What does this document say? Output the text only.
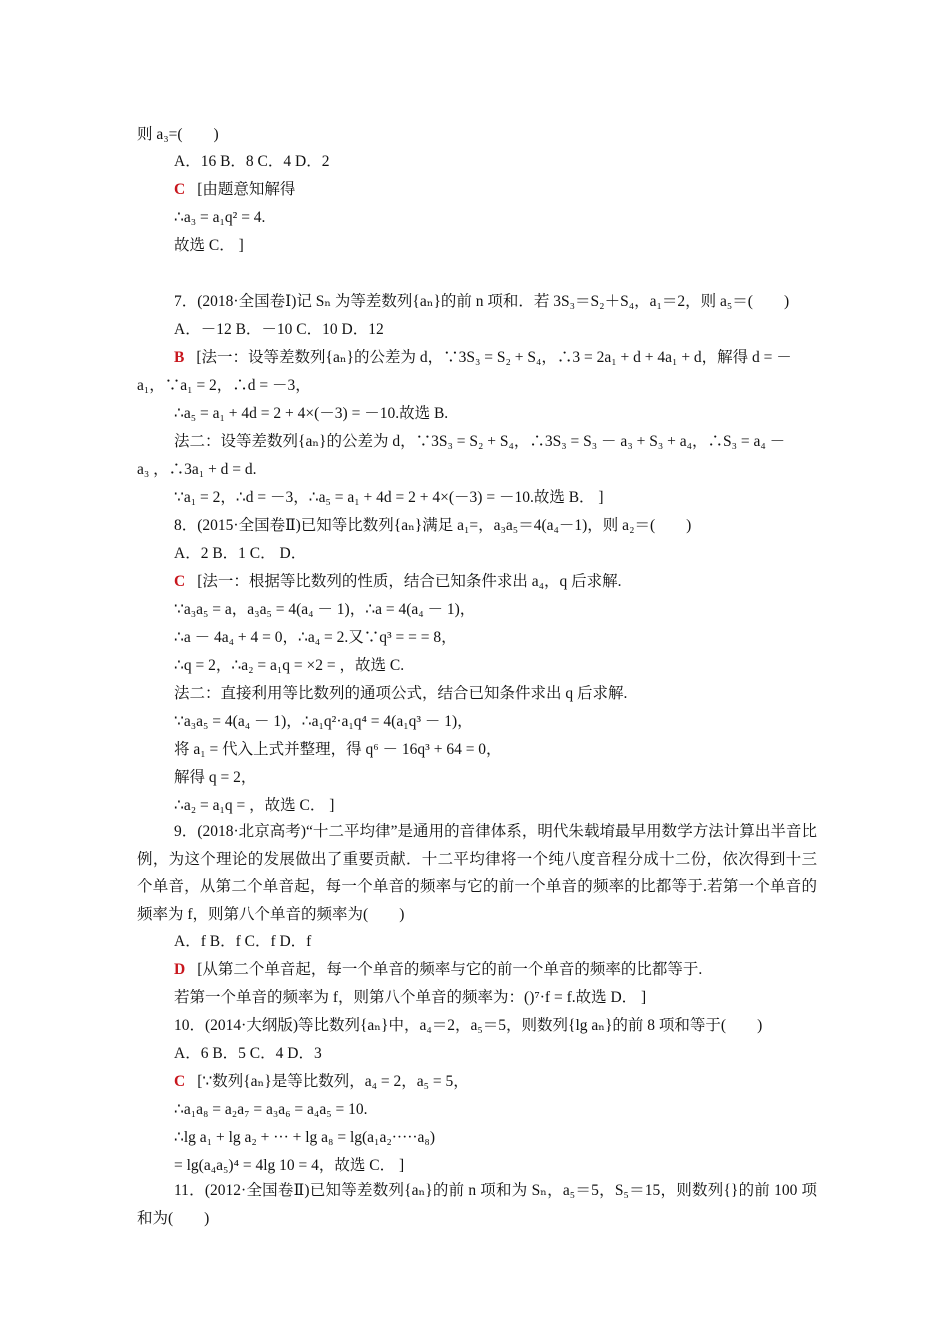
则 a₃=(　　)
A．16 B．8 C．4 D．2
C [由题意知解得
∴a₃ = a₁q² = 4.
故选 C． ]
7．(2018·全国卷Ⅰ)记 Sₙ 为等差数列{aₙ}的前 n 项和．若 3S₃＝S₂＋S₄，a₁＝2，则 a₅＝(　　)
A．－12 B．－10 C．10 D．12
B [法一：设等差数列{aₙ}的公差为 d，∵3S₃ = S₂ + S₄，∴3 = 2a₁ + d + 4a₁ + d，解得 d = －
a₁，∵a₁ = 2，∴d = －3，
∴a₅ = a₁ + 4d = 2 + 4×(－3) = －10.故选 B.
法二：设等差数列{aₙ}的公差为 d，∵3S₃ = S₂ + S₄，∴3S₃ = S₃ － a₃ + S₃ + a₄，∴S₃ = a₄ －
a₃ ，∴3a₁ + d = d.
∵a₁ = 2，∴d = －3，∴a₅ = a₁ + 4d = 2 + 4×(－3) = －10.故选 B． ]
8．(2015·全国卷Ⅱ)已知等比数列{aₙ}满足 a₁=，a₃a₅＝4(a₄－1)，则 a₂＝(　　)
A．2 B．1 C． D．
C [法一：根据等比数列的性质，结合已知条件求出 a₄，q 后求解.
∵a₃a₅ = a，a₃a₅ = 4(a₄ － 1)，∴a = 4(a₄ － 1)，
∴a － 4a₄ + 4 = 0，∴a₄ = 2.又∵q³ = = = 8，
∴q = 2，∴a₂ = a₁q = ×2 = ，故选 C.
法二：直接利用等比数列的通项公式，结合已知条件求出 q 后求解.
∵a₃a₅ = 4(a₄ － 1)，∴a₁q²·a₁q⁴ = 4(a₁q³ － 1)，
将 a₁ = 代入上式并整理，得 q⁶ － 16q³ + 64 = 0，
解得 q = 2，
∴a₂ = a₁q = ，故选 C． ]
9．(2018·北京高考)“十二平均律”是通用的音律体系，明代朱载堉最早用数学方法计算出半音比例，为这个理论的发展做出了重要贡献．十二平均律将一个纯八度音程分成十二份，依次得到十三个单音，从第二个单音起，每一个单音的频率与它的前一个单音的频率的比都等于.若第一个单音的频率为 f，则第八个单音的频率为(　　)
A．f B．f C．f D．f
D [从第二个单音起，每一个单音的频率与它的前一个单音的频率的比都等于.
若第一个单音的频率为 f，则第八个单音的频率为：()⁷·f = f.故选 D． ]
10．(2014·大纲版)等比数列{aₙ}中，a₄＝2，a₅＝5，则数列{lg aₙ}的前 8 项和等于(　　)
A．6 B．5 C．4 D．3
C [∵数列{aₙ}是等比数列，a₄ = 2，a₅ = 5，
∴a₁a₈ = a₂a₇ = a₃a₆ = a₄a₅ = 10.
∴lg a₁ + lg a₂ + ··· + lg a₈ = lg(a₁a₂·····a₈)
= lg(a₄a₅)⁴ = 4lg 10 = 4，故选 C． ]
11．(2012·全国卷Ⅱ)已知等差数列{aₙ}的前 n 项和为 Sₙ，a₅＝5，S₅＝15，则数列{}的前 100 项和为(　　)
